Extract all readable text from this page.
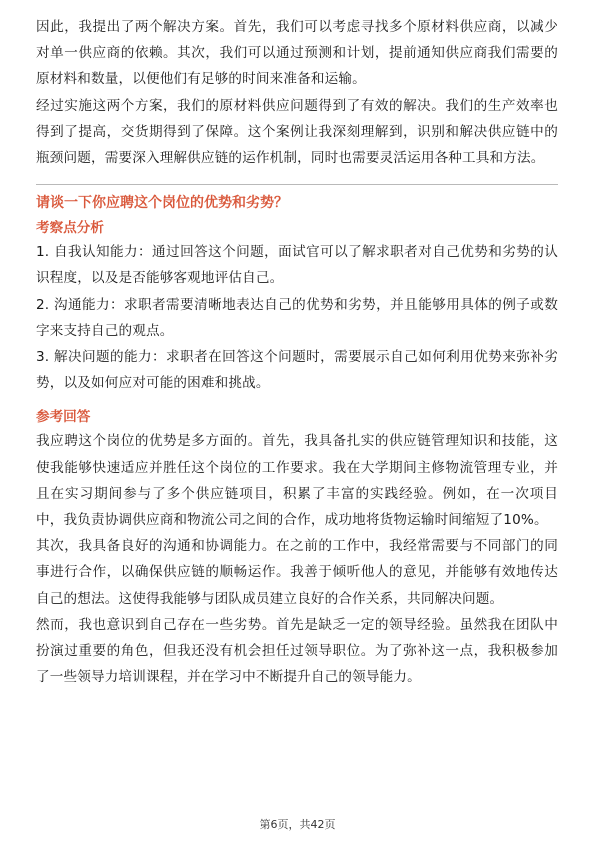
因此，我提出了两个解决方案。首先，我们可以考虑寻找多个原材料供应商，以减少对单一供应商的依赖。其次，我们可以通过预测和计划，提前通知供应商我们需要的原材料和数量，以便他们有足够的时间来准备和运输。

经过实施这两个方案，我们的原材料供应问题得到了有效的解决。我们的生产效率也得到了提高，交货期得到了保障。这个案例让我深刻理解到，识别和解决供应链中的瓶颈问题，需要深入理解供应链的运作机制，同时也需要灵活运用各种工具和方法。

请谈一下你应聘这个岗位的优势和劣势？

考察点分析

1. 自我认知能力：通过回答这个问题，面试官可以了解求职者对自己优势和劣势的认识程度，以及是否能够客观地评估自己。

2. 沟通能力：求职者需要清晰地表达自己的优势和劣势，并且能够用具体的例子或数字来支持自己的观点。

3. 解决问题的能力：求职者在回答这个问题时，需要展示自己如何利用优势来弥补劣势，以及如何应对可能的困难和挑战。

参考回答

我应聘这个岗位的优势是多方面的。首先，我具备扎实的供应链管理知识和技能，这使我能够快速适应并胜任这个岗位的工作要求。我在大学期间主修物流管理专业，并且在实习期间参与了多个供应链项目，积累了丰富的实践经验。例如，在一次项目中，我负责协调供应商和物流公司之间的合作，成功地将货物运输时间缩短了10%。

其次，我具备良好的沟通和协调能力。在之前的工作中，我经常需要与不同部门的同事进行合作，以确保供应链的顺畅运作。我善于倾听他人的意见，并能够有效地传达自己的想法。这使得我能够与团队成员建立良好的合作关系，共同解决问题。

然而，我也意识到自己存在一些劣势。首先是缺乏一定的领导经验。虽然我在团队中扮演过重要的角色，但我还没有机会担任过领导职位。为了弥补这一点，我积极参加了一些领导力培训课程，并在学习中不断提升自己的领导能力。

第6页，共42页
